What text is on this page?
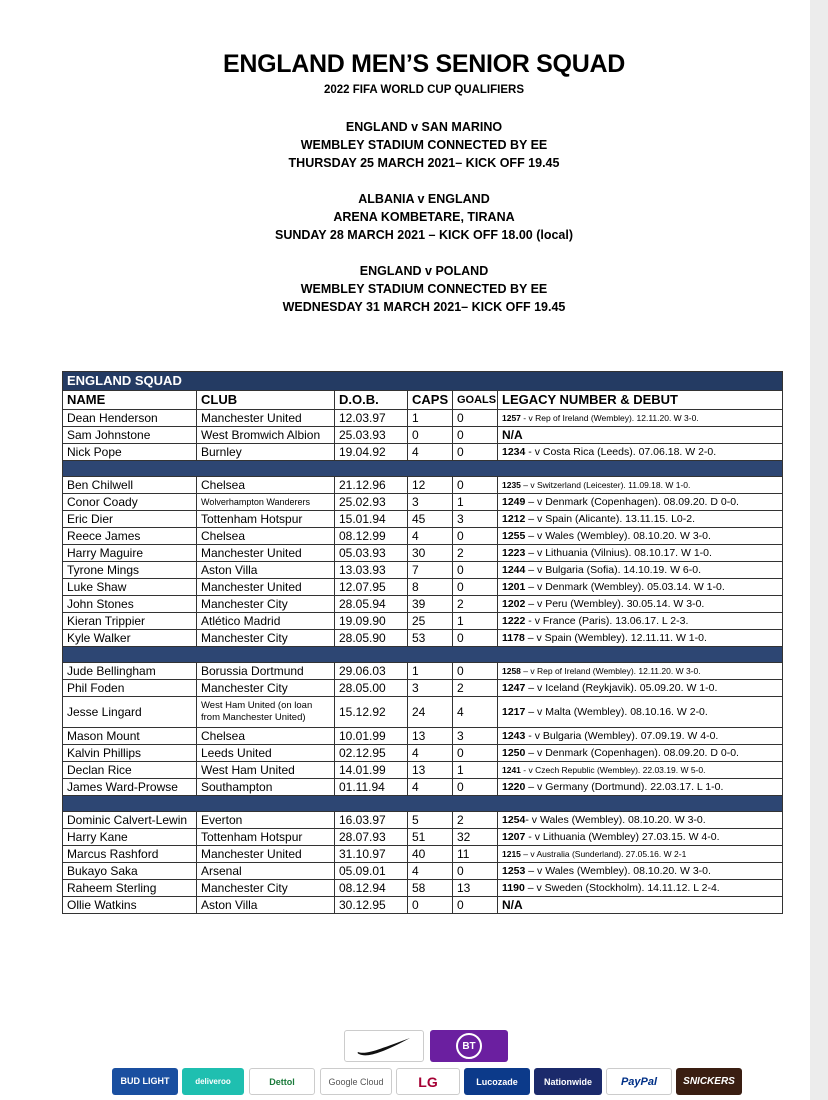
ENGLAND MEN’S SENIOR SQUAD
2022 FIFA WORLD CUP QUALIFIERS
ENGLAND v SAN MARINO
WEMBLEY STADIUM CONNECTED BY EE
THURSDAY 25 MARCH 2021– KICK OFF 19.45
ALBANIA v ENGLAND
ARENA KOMBETARE, TIRANA
SUNDAY 28 MARCH 2021 – KICK OFF 18.00 (local)
ENGLAND v POLAND
WEMBLEY STADIUM CONNECTED BY EE
WEDNESDAY 31 MARCH 2021– KICK OFF 19.45
ENGLAND SQUAD					
NAME	CLUB	D.O.B.	CAPS	GOALS	LEGACY NUMBER & DEBUT
Dean Henderson	Manchester United	12.03.97	1	0	1257 - v Rep of Ireland (Wembley). 12.11.20. W 3-0.
Sam Johnstone	West Bromwich Albion	25.03.93	0	0	N/A
Nick Pope	Burnley	19.04.92	4	0	1234 - v Costa Rica (Leeds). 07.06.18. W 2-0.

Ben Chilwell	Chelsea	21.12.96	12	0	1235 – v Switzerland (Leicester). 11.09.18. W 1-0.
Conor Coady	Wolverhampton Wanderers	25.02.93	3	1	1249 – v Denmark (Copenhagen). 08.09.20. D 0-0.
Eric Dier	Tottenham Hotspur	15.01.94	45	3	1212 – v Spain (Alicante). 13.11.15. L0-2.
Reece James	Chelsea	08.12.99	4	0	1255 – v Wales (Wembley). 08.10.20. W 3-0.
Harry Maguire	Manchester United	05.03.93	30	2	1223 – v Lithuania (Vilnius). 08.10.17. W 1-0.
Tyrone Mings	Aston Villa	13.03.93	7	0	1244 – v Bulgaria (Sofia). 14.10.19. W 6-0.
Luke Shaw	Manchester United	12.07.95	8	0	1201 – v Denmark (Wembley). 05.03.14. W 1-0.
John Stones	Manchester City	28.05.94	39	2	1202 – v Peru (Wembley). 30.05.14. W 3-0.
Kieran Trippier	Atlético Madrid	19.09.90	25	1	1222 - v France (Paris). 13.06.17. L 2-3.
Kyle Walker	Manchester City	28.05.90	53	0	1178 – v Spain (Wembley). 12.11.11. W 1-0.

Jude Bellingham	Borussia Dortmund	29.06.03	1	0	1258 – v Rep of Ireland (Wembley). 12.11.20. W 3-0.
Phil Foden	Manchester City	28.05.00	3	2	1247 – v Iceland (Reykjavik). 05.09.20. W 1-0.
Jesse Lingard	West Ham United (on loan from Manchester United)	15.12.92	24	4	1217 – v Malta (Wembley). 08.10.16. W 2-0.
Mason Mount	Chelsea	10.01.99	13	3	1243 - v Bulgaria (Wembley). 07.09.19. W 4-0.
Kalvin Phillips	Leeds United	02.12.95	4	0	1250 – v Denmark (Copenhagen). 08.09.20. D 0-0.
Declan Rice	West Ham United	14.01.99	13	1	1241 - v Czech Republic (Wembley). 22.03.19. W 5-0.
James Ward-Prowse	Southampton	01.11.94	4	0	1220 – v Germany (Dortmund). 22.03.17. L 1-0.

Dominic Calvert-Lewin	Everton	16.03.97	5	2	1254- v Wales (Wembley). 08.10.20. W 3-0.
Harry Kane	Tottenham Hotspur	28.07.93	51	32	1207 - v Lithuania (Wembley) 27.03.15. W 4-0.
Marcus Rashford	Manchester United	31.10.97	40	11	1215 – v Australia (Sunderland). 27.05.16. W 2-1
Bukayo Saka	Arsenal	05.09.01	4	0	1253 – v Wales (Wembley). 08.10.20. W 3-0.
Raheem Sterling	Manchester City	08.12.94	58	13	1190 – v Sweden (Stockholm). 14.11.12. L 2-4.
Ollie Watkins	Aston Villa	30.12.95	0	0	N/A
BT
BUD LIGHT	deliveroo	Dettol	Google Cloud	LG	Lucozade	Nationwide	PayPal	SNICKERS
